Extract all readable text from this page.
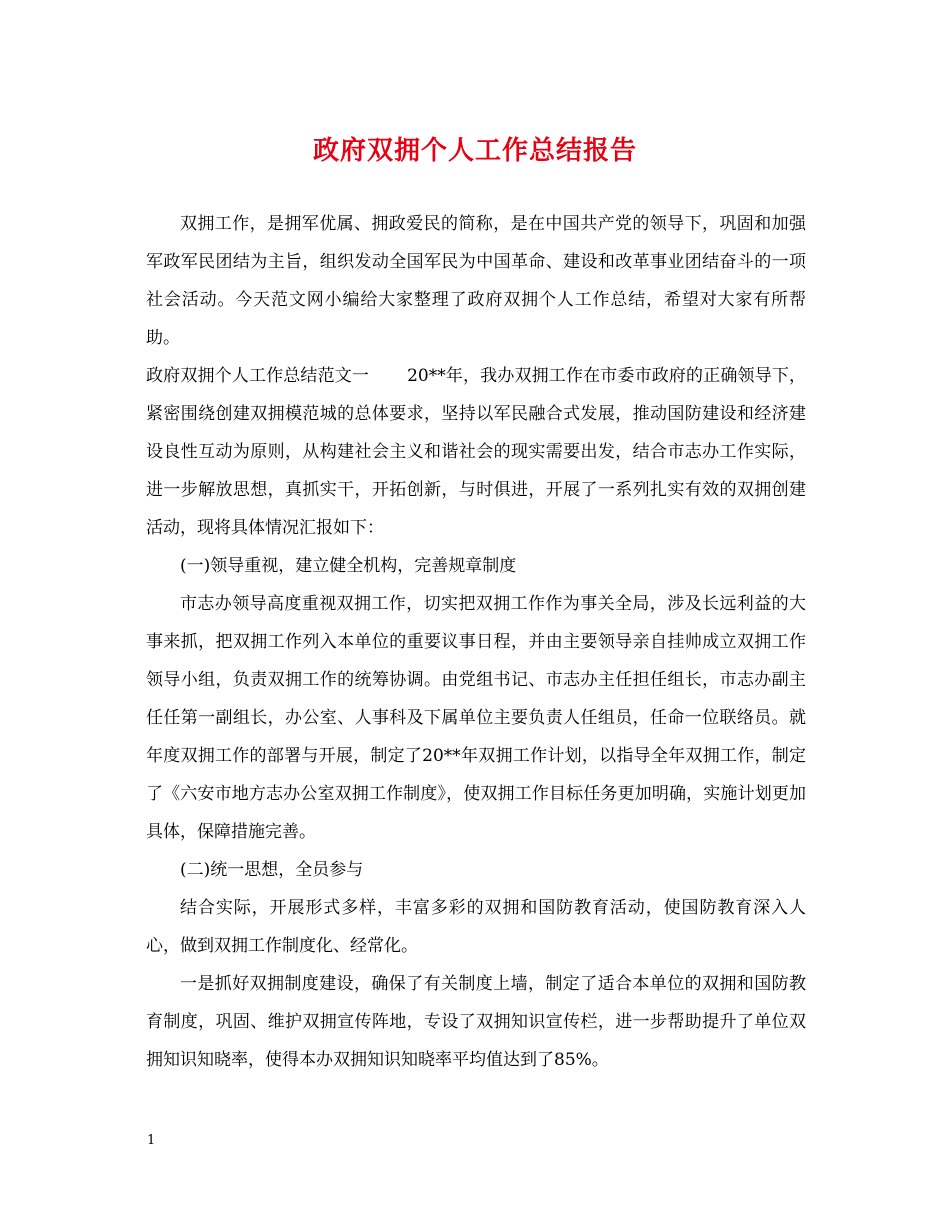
政府双拥个人工作总结报告

双拥工作，是拥军优属、拥政爱民的简称，是在中国共产党的领导下，巩固和加强军政军民团结为主旨，组织发动全国军民为中国革命、建设和改革事业团结奋斗的一项社会活动。今天范文网小编给大家整理了政府双拥个人工作总结，希望对大家有所帮助。

政府双拥个人工作总结范文一 20**年，我办双拥工作在市委市政府的正确领导下，紧密围绕创建双拥模范城的总体要求，坚持以军民融合式发展，推动国防建设和经济建设良性互动为原则，从构建社会主义和谐社会的现实需要出发，结合市志办工作实际，进一步解放思想，真抓实干，开拓创新，与时俱进，开展了一系列扎实有效的双拥创建活动，现将具体情况汇报如下：

(一)领导重视，建立健全机构，完善规章制度

市志办领导高度重视双拥工作，切实把双拥工作作为事关全局，涉及长远利益的大事来抓，把双拥工作列入本单位的重要议事日程，并由主要领导亲自挂帅成立双拥工作领导小组，负责双拥工作的统筹协调。由党组书记、市志办主任担任组长，市志办副主任任第一副组长，办公室、人事科及下属单位主要负责人任组员，任命一位联络员。就年度双拥工作的部署与开展，制定了20**年双拥工作计划，以指导全年双拥工作，制定了《六安市地方志办公室双拥工作制度》，使双拥工作目标任务更加明确，实施计划更加具体，保障措施完善。

(二)统一思想，全员参与

结合实际，开展形式多样，丰富多彩的双拥和国防教育活动，使国防教育深入人心，做到双拥工作制度化、经常化。

一是抓好双拥制度建设，确保了有关制度上墙，制定了适合本单位的双拥和国防教育制度，巩固、维护双拥宣传阵地，专设了双拥知识宣传栏，进一步帮助提升了单位双拥知识知晓率，使得本办双拥知识知晓率平均值达到了85%。

1
